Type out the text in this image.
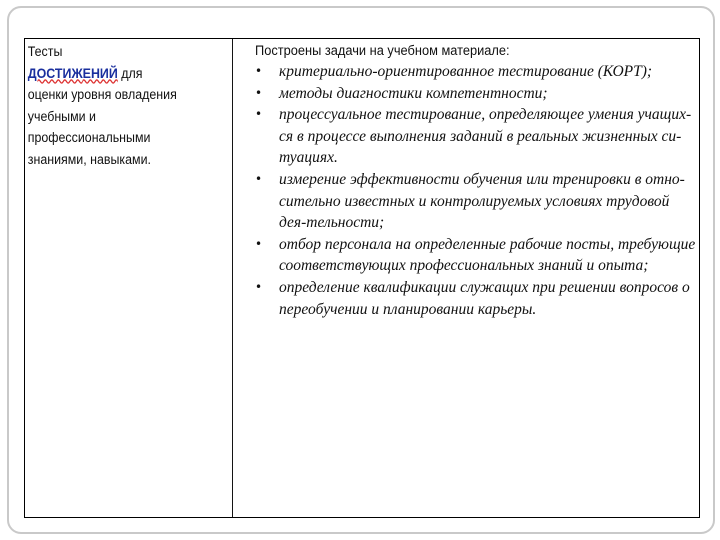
Тесты
ДОСТИЖЕНИЙ для
оценки уровня овладения
учебными и
профессиональными
знаниями, навыками.
Построены задачи на учебном материале:
• критериально-ориентированное тестирование (КОРТ);
• методы диагностики компетентности;
• процессуальное тестирование, определяющее умения учащих-ся в процессе выполнения заданий в реальных жизненных си-туациях.
• измерение эффективности обучения или тренировки в отно-сительно известных и контролируемых условиях трудовой дея-тельности;
• отбор персонала на определенные рабочие посты, требующие соответствующих профессиональных знаний и опыта;
• определение квалификации служащих при решении вопросов о переобучении и планировании карьеры.
